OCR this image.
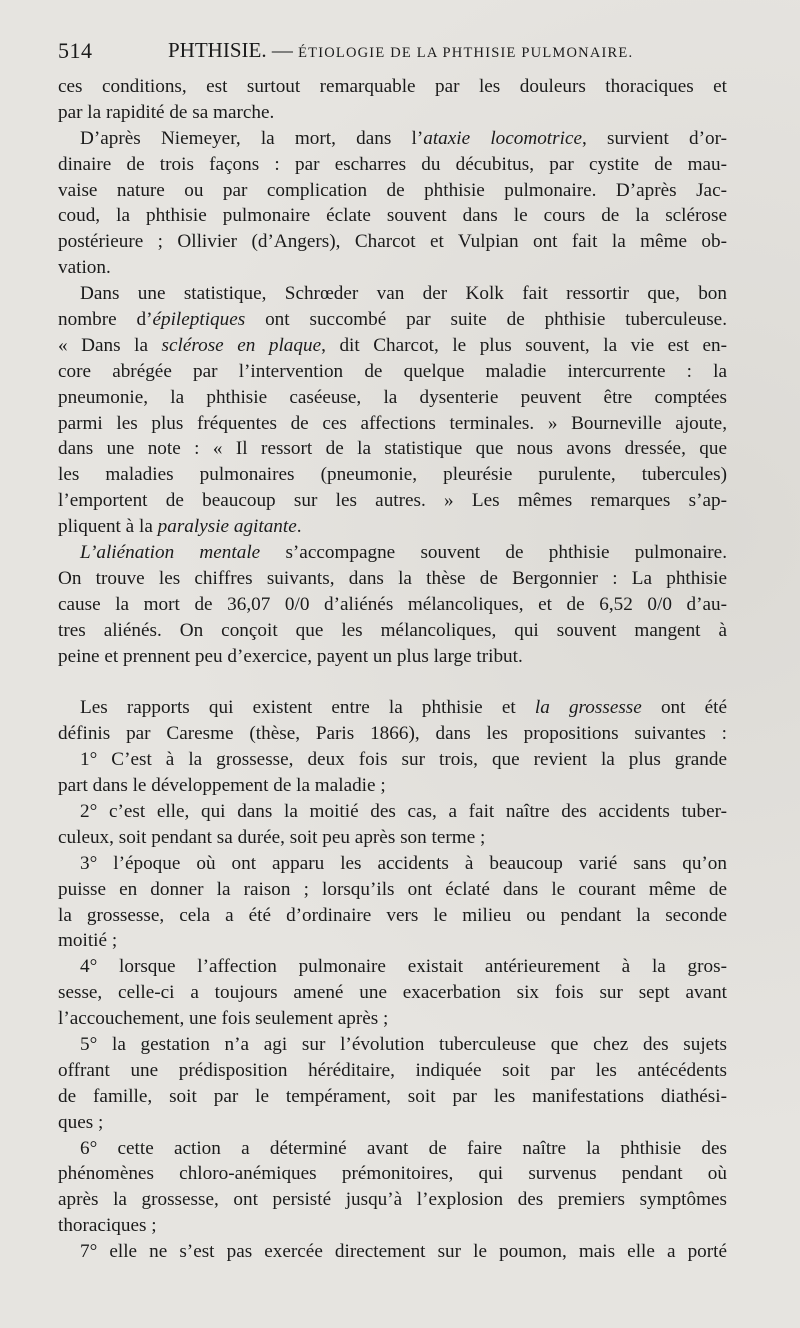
514	PHTHISIE. — ÉTIOLOGIE DE LA PHTHISIE PULMONAIRE.
ces conditions, est surtout remarquable par les douleurs thoraciques et
par la rapidité de sa marche.
D’après Niemeyer, la mort, dans l’ataxie locomotrice, survient d’or-
dinaire de trois façons : par escharres du décubitus, par cystite de mau-
vaise nature ou par complication de phthisie pulmonaire. D’après Jac-
coud, la phthisie pulmonaire éclate souvent dans le cours de la sclérose
postérieure ; Ollivier (d’Angers), Charcot et Vulpian ont fait la même ob-
vation.
Dans une statistique, Schrœder van der Kolk fait ressortir que, bon
nombre d’épileptiques ont succombé par suite de phthisie tuberculeuse.
« Dans la sclérose en plaque, dit Charcot, le plus souvent, la vie est en-
core abrégée par l’intervention de quelque maladie intercurrente : la
pneumonie, la phthisie caséeuse, la dysenterie peuvent être comptées
parmi les plus fréquentes de ces affections terminales. » Bourneville ajoute,
dans une note : « Il ressort de la statistique que nous avons dressée, que
les maladies pulmonaires (pneumonie, pleurésie purulente, tubercules)
l’emportent de beaucoup sur les autres. » Les mêmes remarques s’ap-
pliquent à la paralysie agitante.
L’aliénation mentale s’accompagne souvent de phthisie pulmonaire.
On trouve les chiffres suivants, dans la thèse de Bergonnier : La phthisie
cause la mort de 36,07 0/0 d’aliénés mélancoliques, et de 6,52 0/0 d’au-
tres aliénés. On conçoit que les mélancoliques, qui souvent mangent à
peine et prennent peu d’exercice, payent un plus large tribut.
Les rapports qui existent entre la phthisie et la grossesse ont été
définis par Caresme (thèse, Paris 1866), dans les propositions suivantes :
1° C’est à la grossesse, deux fois sur trois, que revient la plus grande
part dans le développement de la maladie ;
2° c’est elle, qui dans la moitié des cas, a fait naître des accidents tuber-
culeux, soit pendant sa durée, soit peu après son terme ;
3° l’époque où ont apparu les accidents à beaucoup varié sans qu’on
puisse en donner la raison ; lorsqu’ils ont éclaté dans le courant même de
la grossesse, cela a été d’ordinaire vers le milieu ou pendant la seconde
moitié ;
4° lorsque l’affection pulmonaire existait antérieurement à la gros-
sesse, celle-ci a toujours amené une exacerbation six fois sur sept avant
l’accouchement, une fois seulement après ;
5° la gestation n’a agi sur l’évolution tuberculeuse que chez des sujets
offrant une prédisposition héréditaire, indiquée soit par les antécédents
de famille, soit par le tempérament, soit par les manifestations diathési-
ques ;
6° cette action a déterminé avant de faire naître la phthisie des
phénomènes chloro-anémiques prémonitoires, qui survenus pendant où
après la grossesse, ont persisté jusqu’à l’explosion des premiers symptômes
thoraciques ;
7° elle ne s’est pas exercée directement sur le poumon, mais elle a porté
